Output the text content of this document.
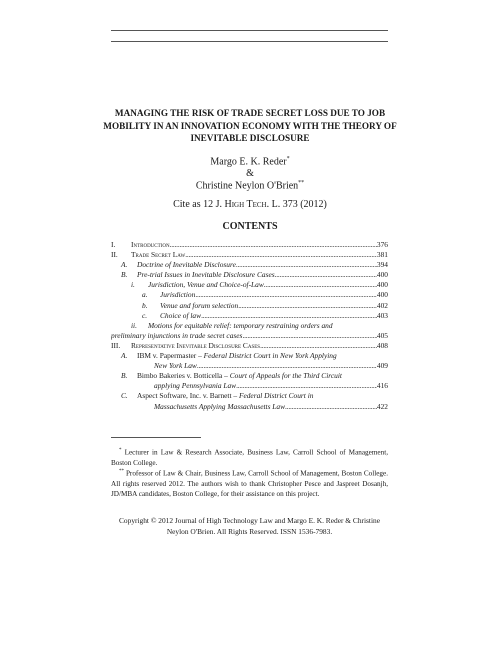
MANAGING THE RISK OF TRADE SECRET LOSS DUE TO JOB MOBILITY IN AN INNOVATION ECONOMY WITH THE THEORY OF INEVITABLE DISCLOSURE
Margo E. K. Reder*
&
Christine Neylon O'Brien**
Cite as 12 J. High Tech. L. 373 (2012)
CONTENTS
I. Introduction .....	376
II. Trade Secret Law .....	381
A. Doctrine of Inevitable Disclosure .....	394
B. Pre-trial Issues in Inevitable Disclosure Cases .....	400
i. Jurisdiction, Venue and Choice-of-Law .....	400
a. Jurisdiction .....	400
b. Venue and forum selection .....	402
c. Choice of law .....	403
ii. Motions for equitable relief: temporary restraining orders and
preliminary injunctions in trade secret cases .....	405
III. Representative Inevitable Disclosure Cases .....	408
A. IBM v. Papermaster – Federal District Court in New York Applying
New York Law .....	409
B. Bimbo Bakeries v. Botticella – Court of Appeals for the Third Circuit
applying Pennsylvania Law .....	416
C. Aspect Software, Inc. v. Barnett – Federal District Court in
Massachusetts Applying Massachusetts Law .....	422
* Lecturer in Law & Research Associate, Business Law, Carroll School of Management, Boston College.
** Professor of Law & Chair, Business Law, Carroll School of Management, Boston College. All rights reserved 2012. The authors wish to thank Christopher Pesce and Jaspreet Dosanjh, JD/MBA candidates, Boston College, for their assistance on this project.
Copyright © 2012 Journal of High Technology Law and Margo E. K. Reder & Christine Neylon O'Brien. All Rights Reserved. ISSN 1536-7983.
